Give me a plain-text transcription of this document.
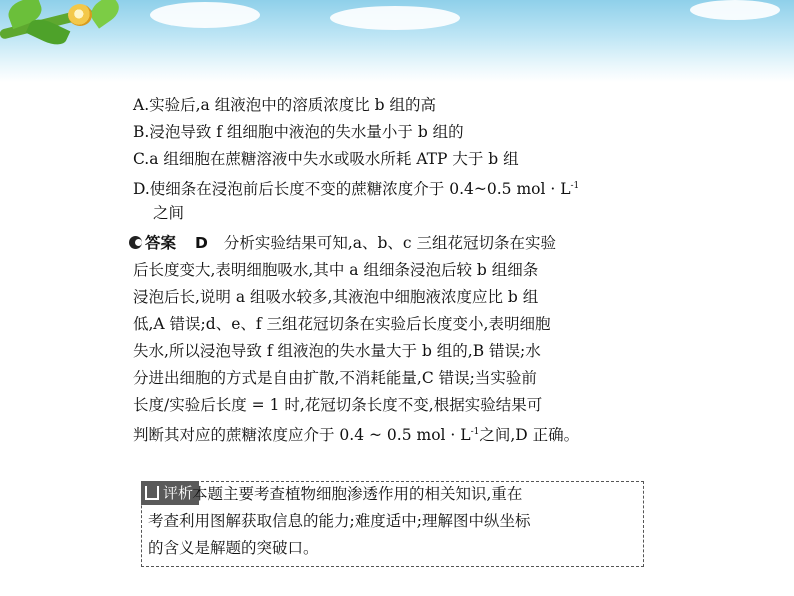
A.实验后,a 组液泡中的溶质浓度比 b 组的高
B.浸泡导致 f 组细胞中液泡的失水量小于 b 组的
C.a 组细胞在蔗糖溶液中失水或吸水所耗 ATP 大于 b 组
D.使细条在浸泡前后长度不变的蔗糖浓度介于 0.4~0.5 mol · $L^{-1}$
之间
答案 D 分析实验结果可知,a、b、c 三组花冠切条在实验
后长度变大,表明细胞吸水,其中 a 组细条浸泡后较 b 组细条
浸泡后长,说明 a 组吸水较多,其液泡中细胞液浓度应比 b 组
低,A 错误;d、e、f 三组花冠切条在实验后长度变小,表明细胞
失水,所以浸泡导致 f 组液泡的失水量大于 b 组的,B 错误;水
分进出细胞的方式是自由扩散,不消耗能量,C 错误;当实验前
长度/实验后长度 = 1 时,花冠切条长度不变,根据实验结果可
判断其对应的蔗糖浓度应介于 0.4 ~ 0.5 mol · $L^{-1}$之间,D 正确。
评析
本题主要考查植物细胞渗透作用的相关知识,重在
考查利用图解获取信息的能力;难度适中;理解图中纵坐标
的含义是解题的突破口。
